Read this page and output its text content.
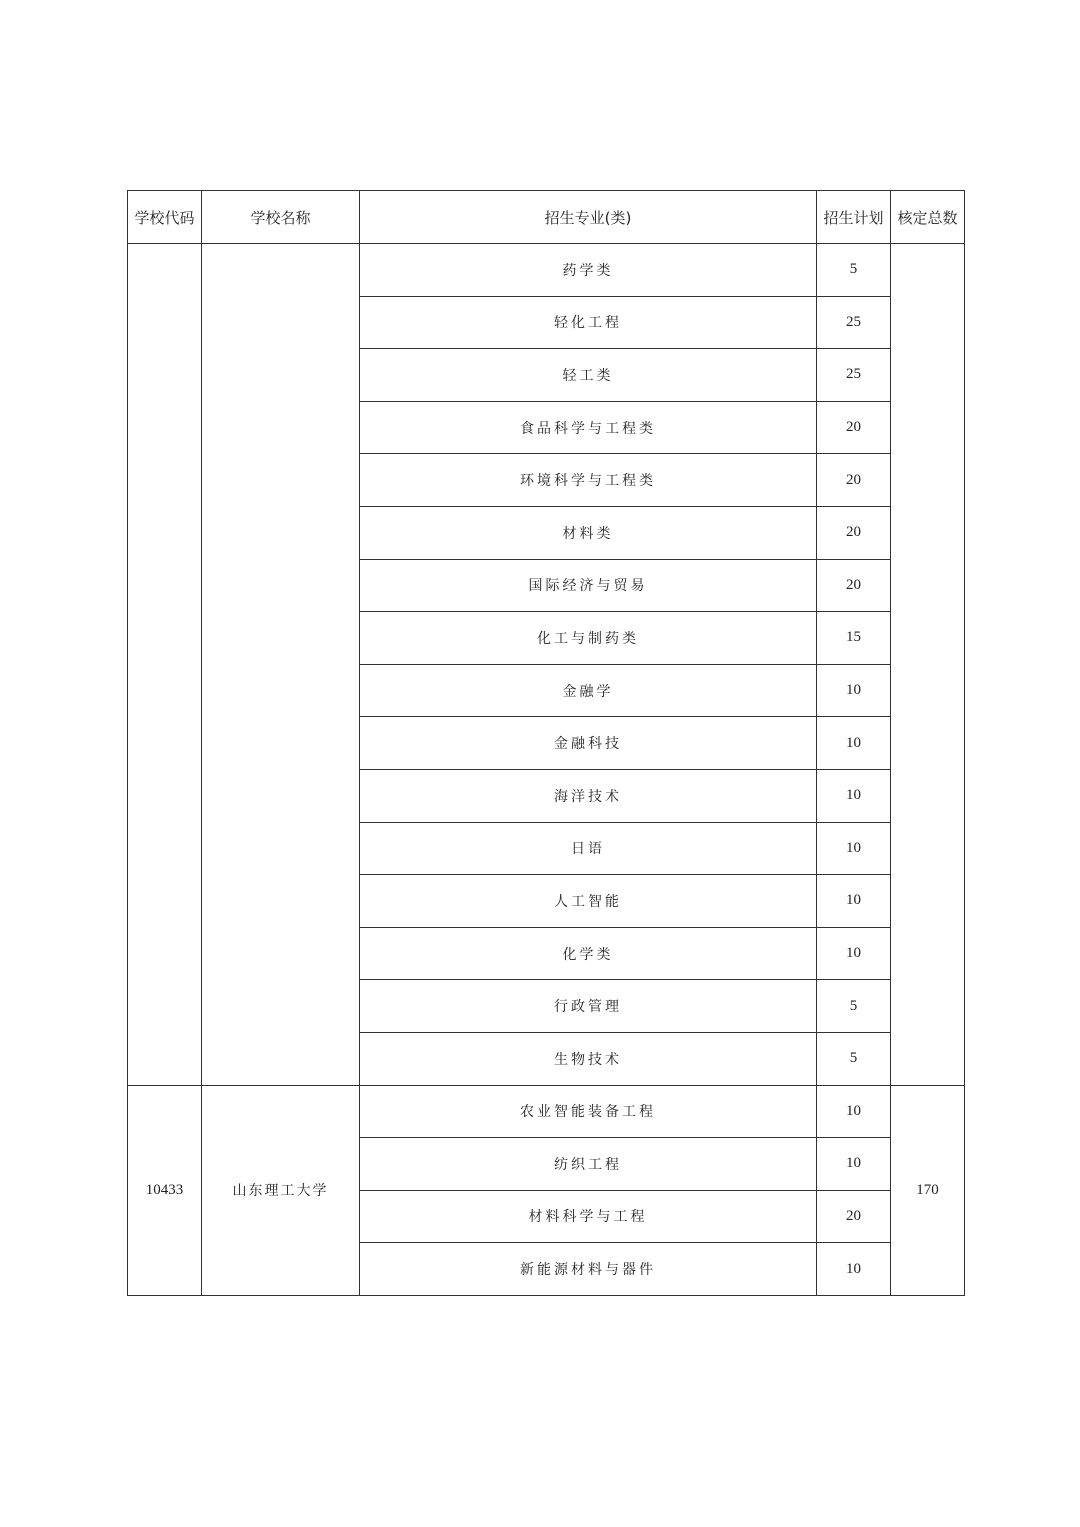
学校代码	学校名称	招生专业(类)	招生计划	核定总数
		药学类	5	
		轻化工程	25	
		轻工类	25	
		食品科学与工程类	20	
		环境科学与工程类	20	
		材料类	20	
		国际经济与贸易	20	
		化工与制药类	15	
		金融学	10	
		金融科技	10	
		海洋技术	10	
		日语	10	
		人工智能	10	
		化学类	10	
		行政管理	5	
		生物技术	5	
10433	山东理工大学	农业智能装备工程	10	170
		纺织工程	10	
		材料科学与工程	20	
		新能源材料与器件	10	
